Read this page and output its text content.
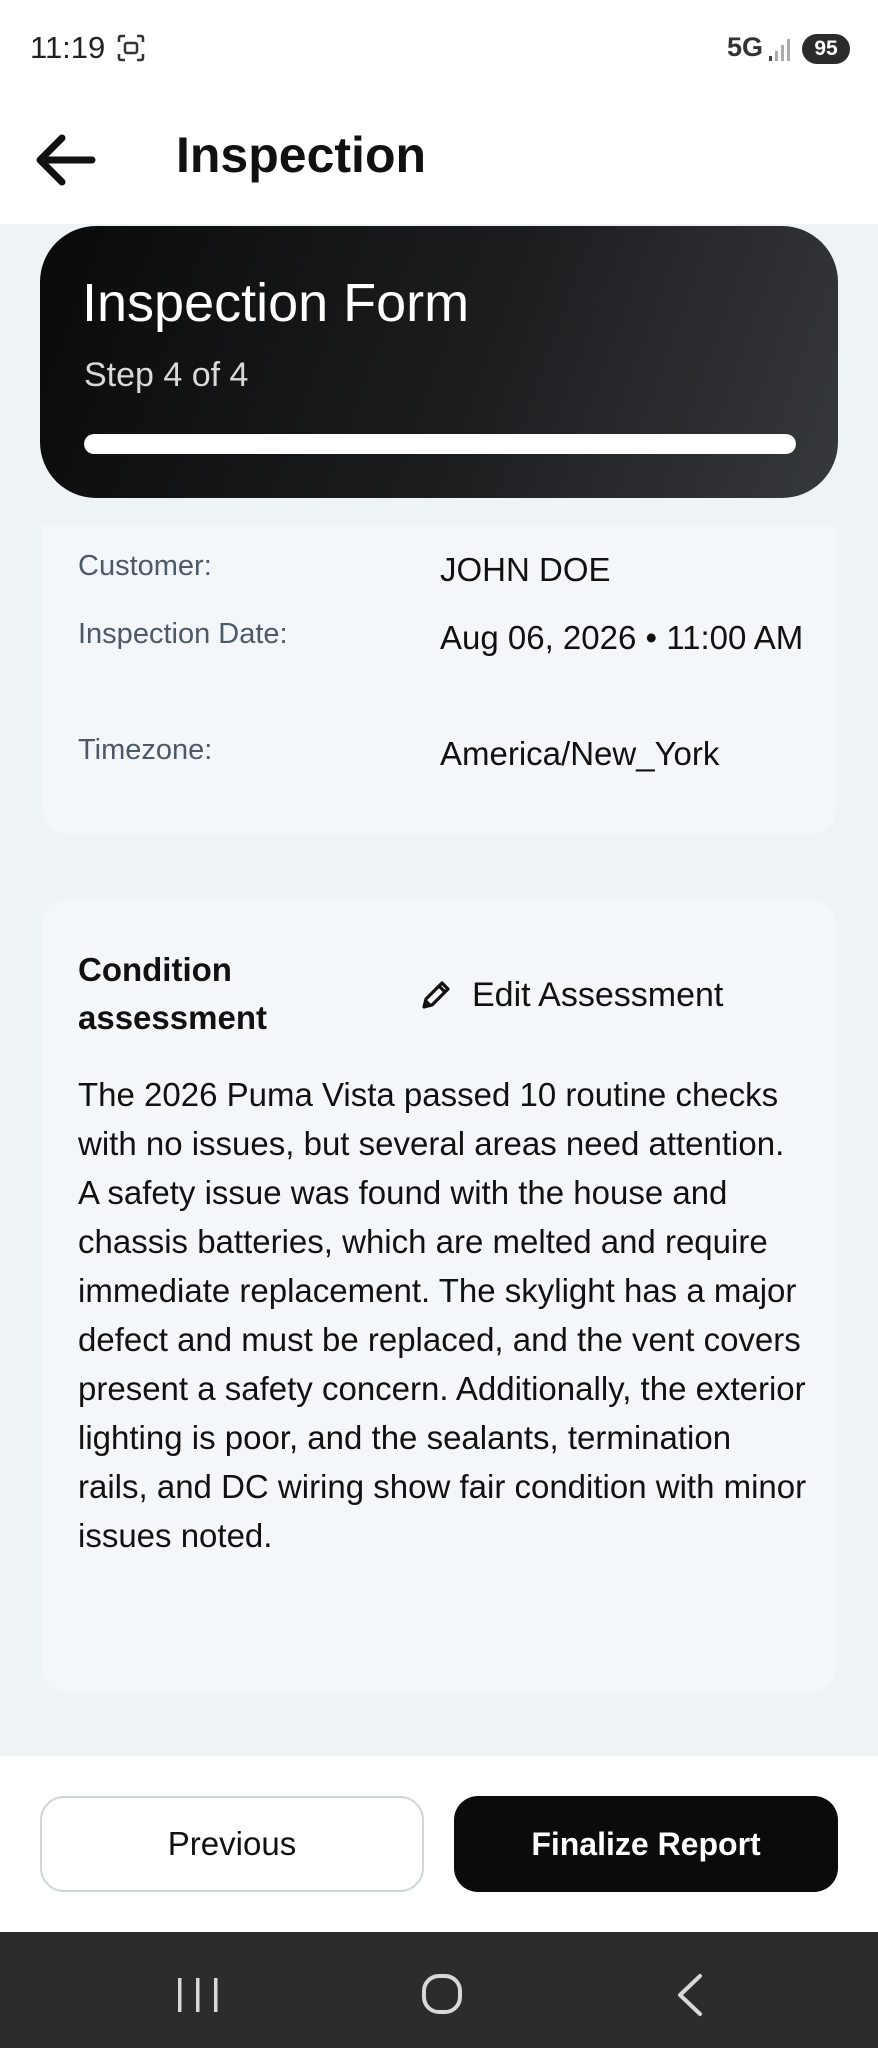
11:19	5G	95
Inspection
Inspection Form
Step 4 of 4
Customer:	JOHN DOE
Inspection Date:	Aug 06, 2026 • 11:00 AM
Timezone:	America/New_York
Condition assessment
Edit Assessment
The 2026 Puma Vista passed 10 routine checks with no issues, but several areas need attention. A safety issue was found with the house and chassis batteries, which are melted and require immediate replacement. The skylight has a major defect and must be replaced, and the vent covers present a safety concern. Additionally, the exterior lighting is poor, and the sealants, termination rails, and DC wiring show fair condition with minor issues noted.
Previous	Finalize Report
